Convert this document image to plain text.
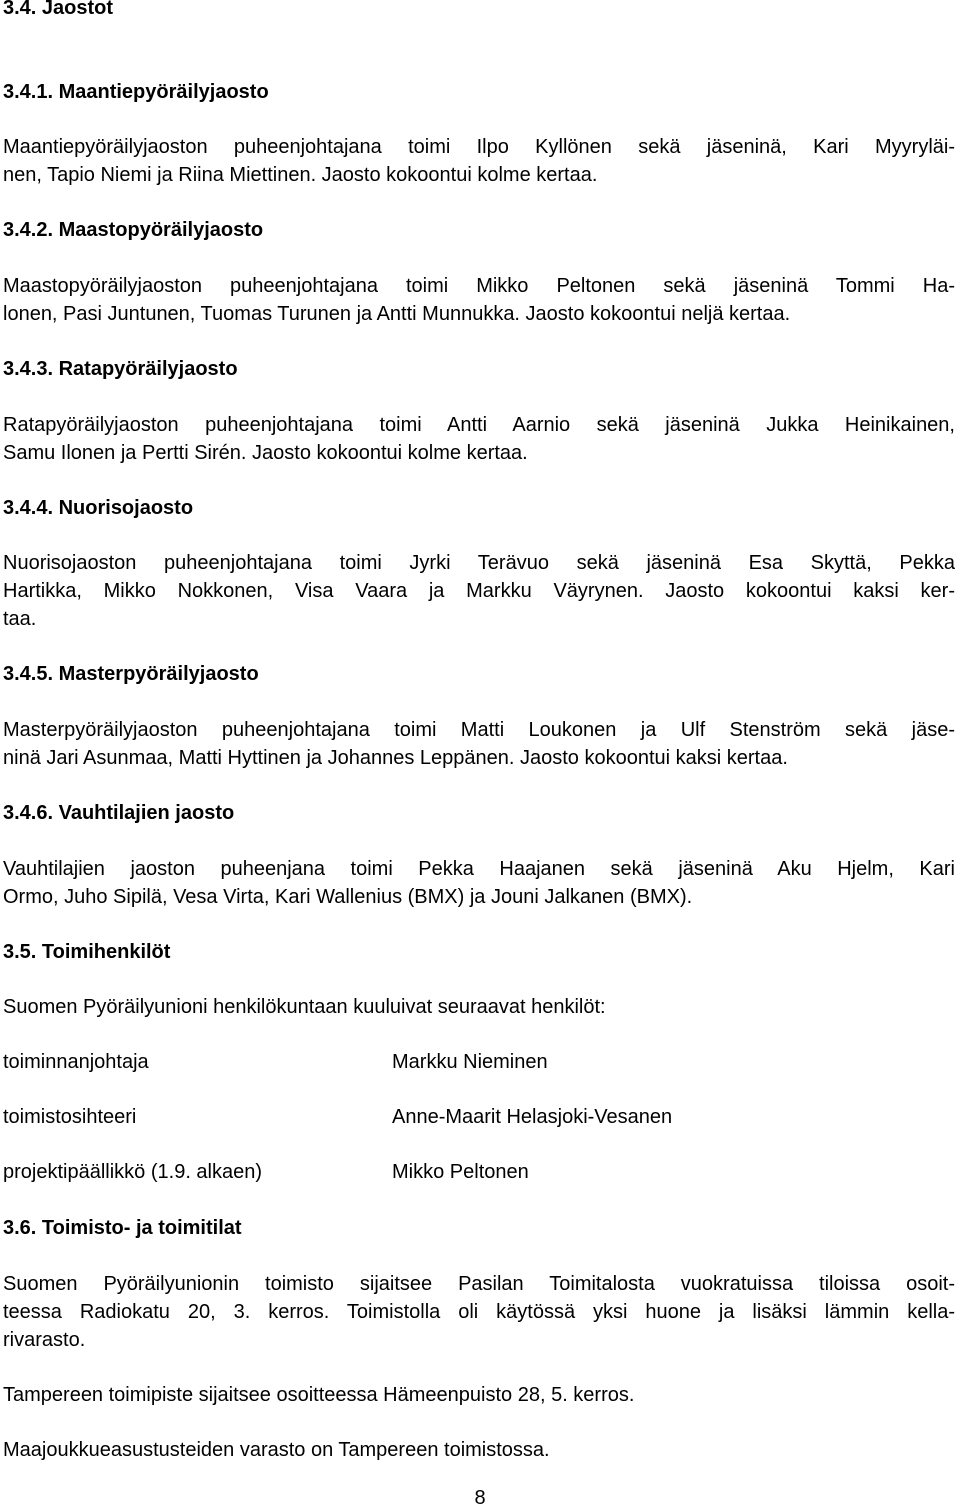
3.4. Jaostot
3.4.1. Maantiepyöräilyjaosto
Maantiepyöräilyjaoston puheenjohtajana toimi Ilpo Kyllönen sekä jäseninä, Kari Myyryläi-
nen, Tapio Niemi ja Riina Miettinen. Jaosto kokoontui kolme kertaa.
3.4.2. Maastopyöräilyjaosto
Maastopyöräilyjaoston puheenjohtajana toimi Mikko Peltonen sekä jäseninä Tommi Ha-
lonen, Pasi Juntunen, Tuomas Turunen ja Antti Munnukka. Jaosto kokoontui neljä kertaa.
3.4.3. Ratapyöräilyjaosto
Ratapyöräilyjaoston puheenjohtajana toimi Antti Aarnio sekä jäseninä Jukka Heinikainen,
Samu Ilonen ja Pertti Sirén. Jaosto kokoontui kolme kertaa.
3.4.4. Nuorisojaosto
Nuorisojaoston puheenjohtajana toimi Jyrki Terävuo sekä jäseninä Esa Skyttä, Pekka
Hartikka, Mikko Nokkonen, Visa Vaara ja Markku Väyrynen. Jaosto kokoontui kaksi ker-
taa.
3.4.5. Masterpyöräilyjaosto
Masterpyöräilyjaoston puheenjohtajana toimi Matti Loukonen ja Ulf Stenström sekä jäse-
ninä Jari Asunmaa, Matti Hyttinen ja Johannes Leppänen. Jaosto kokoontui kaksi kertaa.
3.4.6. Vauhtilajien jaosto
Vauhtilajien jaoston puheenjana toimi Pekka Haajanen sekä jäseninä Aku Hjelm, Kari
Ormo, Juho Sipilä, Vesa Virta, Kari Wallenius (BMX) ja Jouni Jalkanen (BMX).
3.5. Toimihenkilöt

Suomen Pyöräilyunioni henkilökuntaan kuuluivat seuraavat henkilöt:

toiminnanjohtaja	Markku Nieminen
toimistosihteeri	Anne-Maarit Helasjoki-Vesanen
projektipäällikkö (1.9. alkaen)	Mikko Peltonen
3.6. Toimisto- ja toimitilat
Suomen Pyöräilyunionin toimisto sijaitsee Pasilan Toimitalosta vuokratuissa tiloissa osoit-
teessa Radiokatu 20, 3. kerros. Toimistolla oli käytössä yksi huone ja lisäksi lämmin kella-
rivarasto.

Tampereen toimipiste sijaitsee osoitteessa Hämeenpuisto 28, 5. kerros.

Maajoukkueasustusteiden varasto on Tampereen toimistossa.

8
